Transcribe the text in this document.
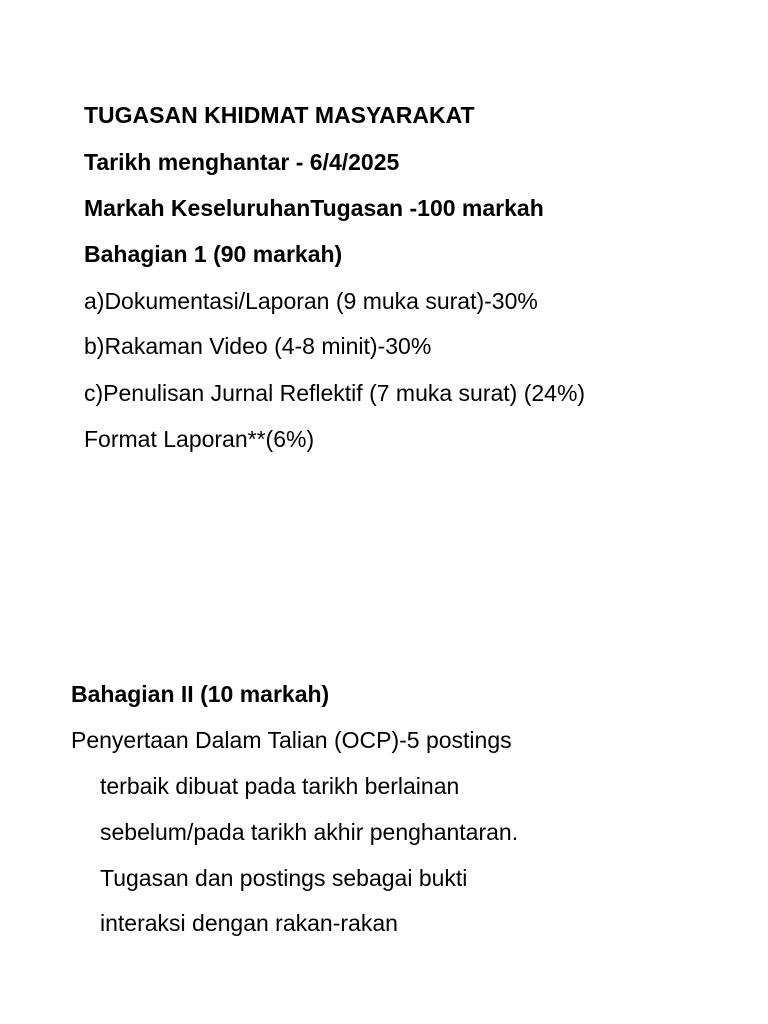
TUGASAN KHIDMAT MASYARAKAT
Tarikh menghantar - 6/4/2025
Markah KeseluruhanTugasan -100 markah
Bahagian 1 (90 markah)
a)Dokumentasi/Laporan (9 muka surat)-30%
b)Rakaman Video (4-8 minit)-30%
c)Penulisan Jurnal Reflektif (7 muka surat) (24%)
Format Laporan**(6%)
Bahagian II (10 markah)
Penyertaan Dalam Talian (OCP)-5 postings
terbaik dibuat pada tarikh berlainan
sebelum/pada tarikh akhir penghantaran.
Tugasan dan postings sebagai bukti
interaksi dengan rakan-rakan
